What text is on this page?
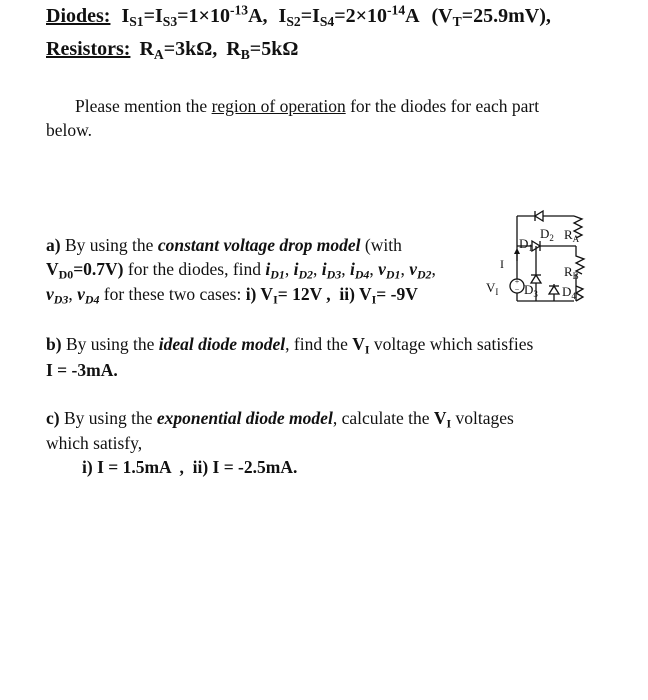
Diodes: $I_{S1}=I_{S3}=1\times 10^{-13}A$, $I_{S2}=I_{S4}=2\times 10^{-14}A$ $(V_T=25.9mV)$,
Resistors: $R_A=3k\Omega$, $R_B=5k\Omega$
Please mention the region of operation for the diodes for each part
below.
a) By using the constant voltage drop model (with
$V_{D0}=0.7V$) for the diodes, find $i_{D1}$, $i_{D2}$, $i_{D3}$, $i_{D4}$, $v_{D1}$, $v_{D2}$,
$v_{D3}$, $v_{D4}$ for these two cases: i) $V_I= 12V$ , ii) $V_I= -9V$
b) By using the ideal diode model, find the $V_I$ voltage which satisfies
I = -3mA.
c) By using the exponential diode model, calculate the $V_I$ voltages
which satisfy,
i) I = 1.5mA  ,  ii) I = -2.5mA.
+
−
$D_1$
$D_2$ $R_A$
$R_B$
$D_3$ $D_4$
I
$V_I$
